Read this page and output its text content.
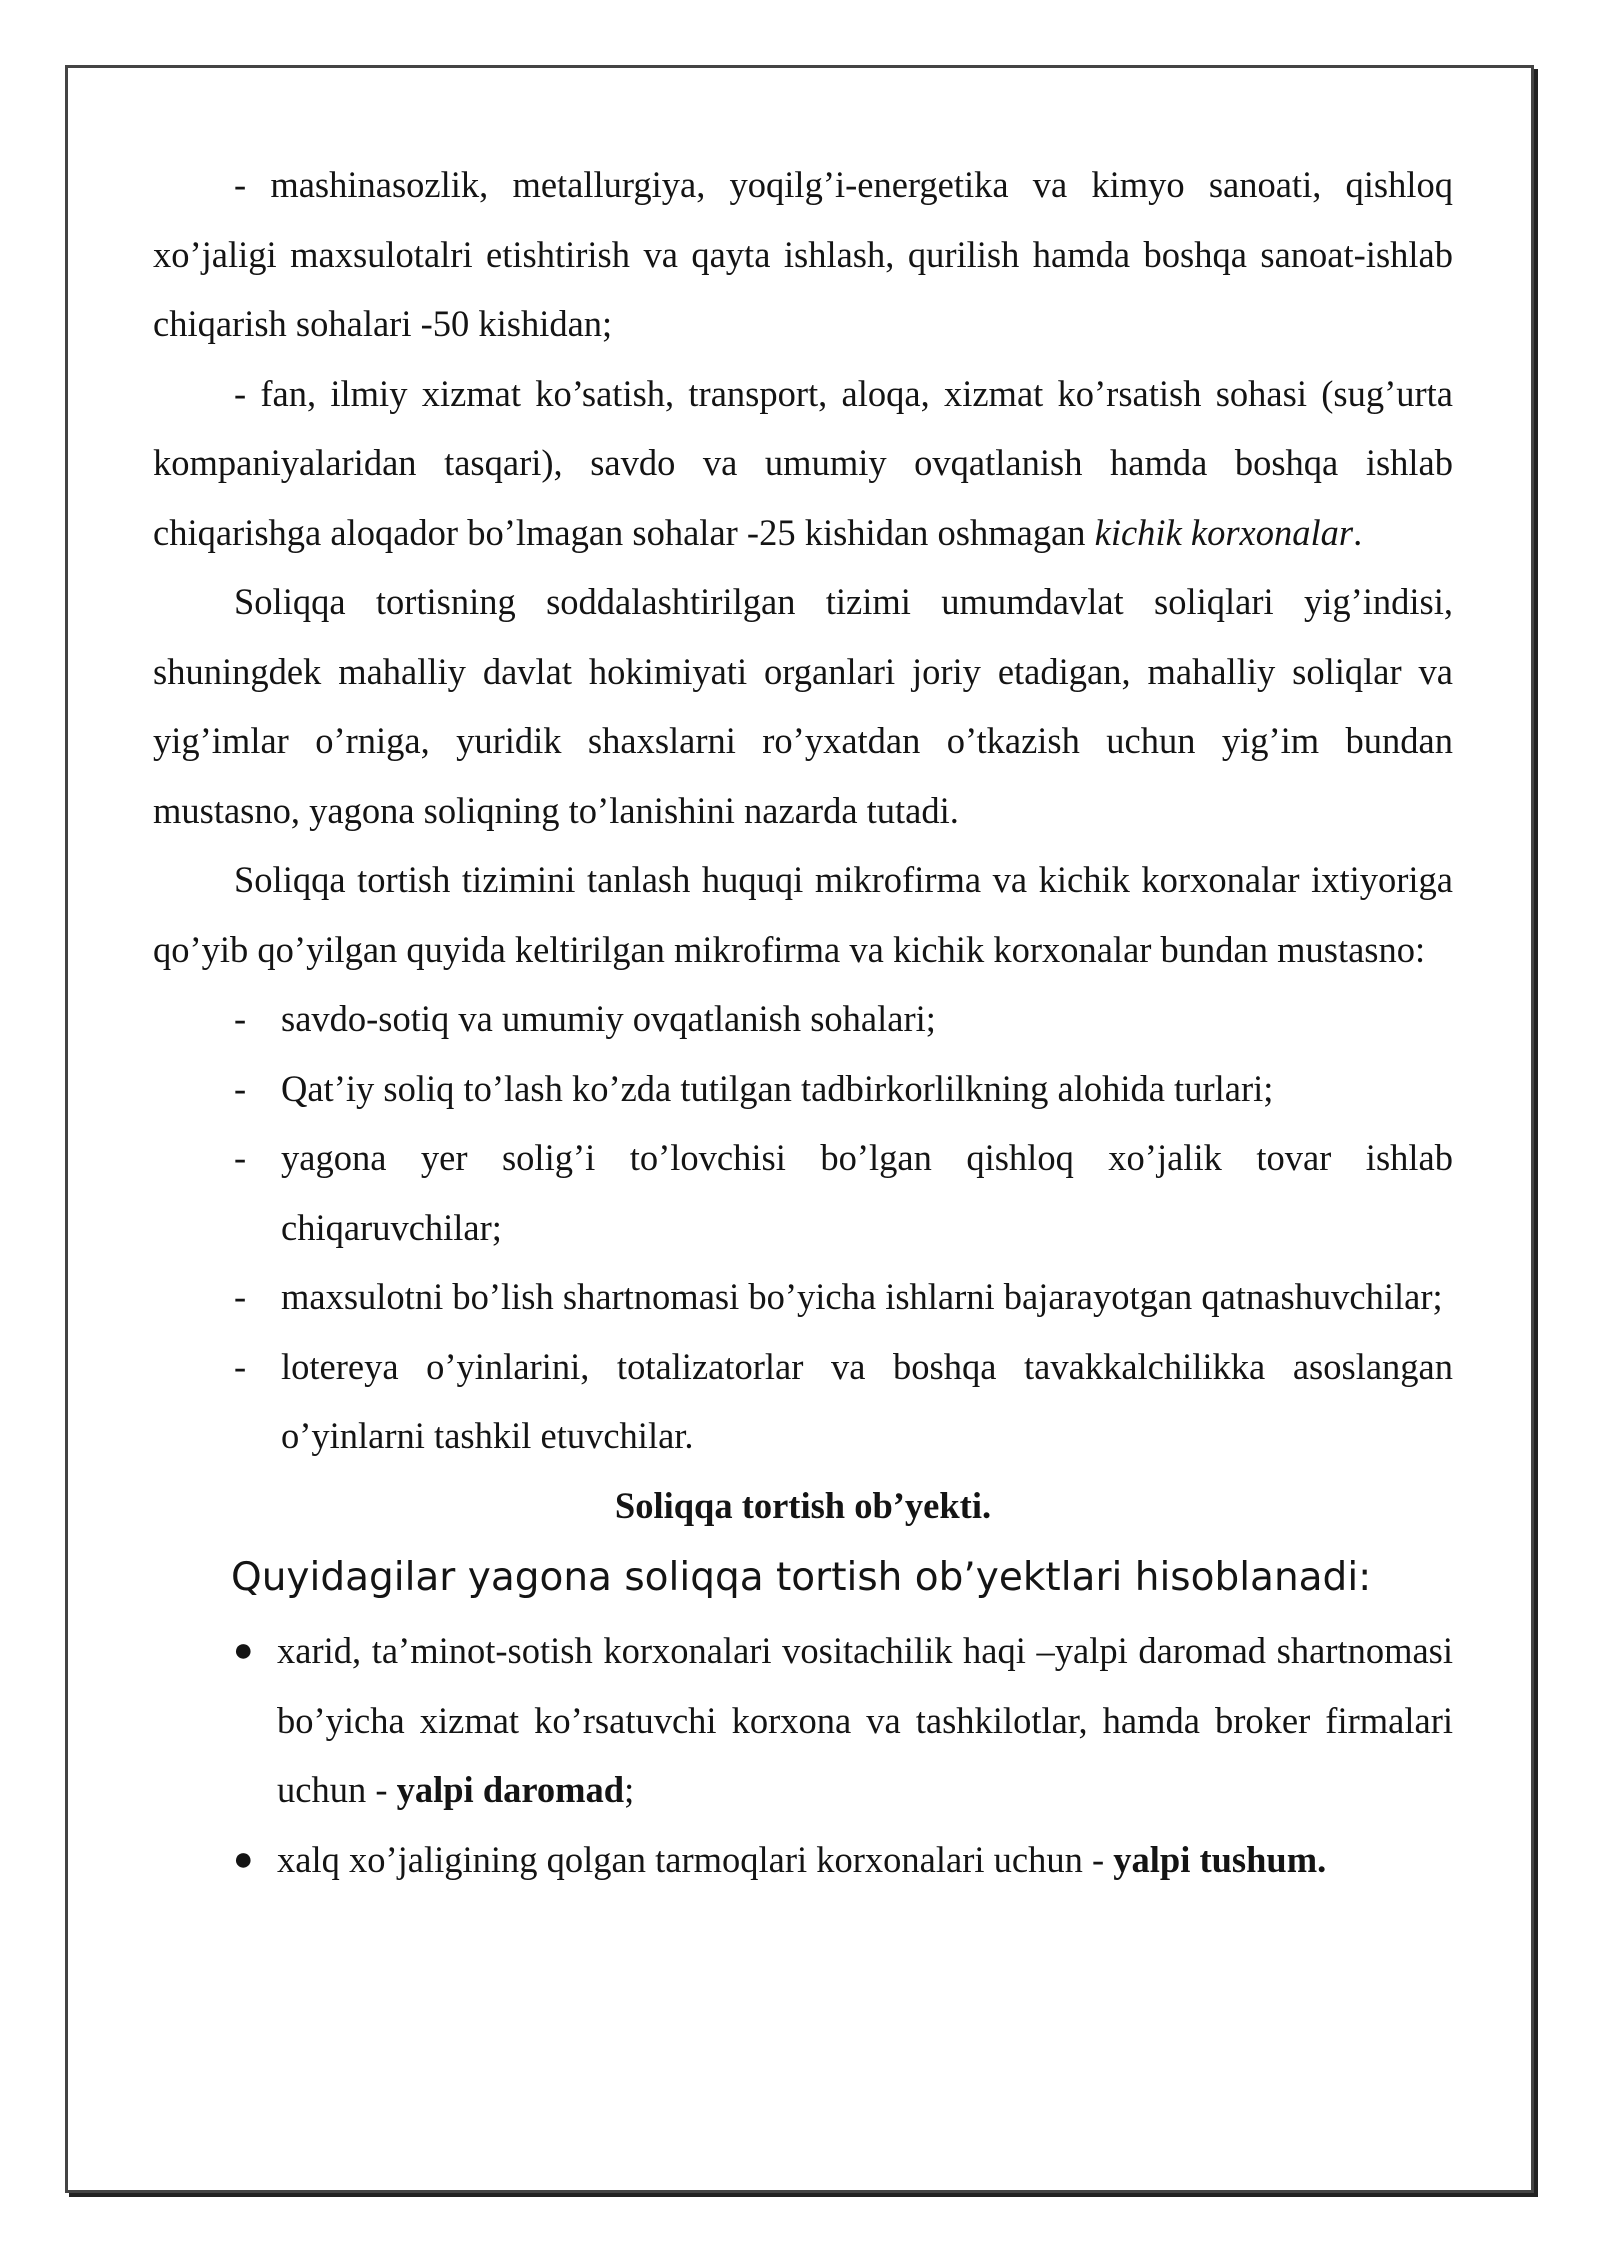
- mashinasozlik, metallurgiya, yoqilg’i-energetika va kimyo sanoati, qishloq xo’jaligi maxsulotalri etishtirish va qayta ishlash, qurilish hamda boshqa sanoat-ishlab chiqarish sohalari -50 kishidan;

- fan, ilmiy xizmat ko’satish, transport, aloqa, xizmat ko’rsatish sohasi (sug’urta kompaniyalaridan tasqari), savdo va umumiy ovqatlanish hamda boshqa ishlab chiqarishga aloqador bo’lmagan sohalar -25 kishidan oshmagan kichik korxonalar.

Soliqqa tortisning soddalashtirilgan tizimi umumdavlat soliqlari yig’indisi, shuningdek mahalliy davlat hokimiyati organlari joriy etadigan, mahalliy soliqlar va yig’imlar o’rniga, yuridik shaxslarni ro’yxatdan o’tkazish uchun yig’im bundan mustasno, yagona soliqning to’lanishini nazarda tutadi.

Soliqqa tortish tizimini tanlash huquqi mikrofirma va kichik korxonalar ixtiyoriga qo’yib qo’yilgan quyida keltirilgan mikrofirma va kichik korxonalar bundan mustasno:

- savdo-sotiq va umumiy ovqatlanish sohalari;
- Qat’iy soliq to’lash ko’zda tutilgan tadbirkorlilkning alohida turlari;
- yagona yer solig’i to’lovchisi bo’lgan qishloq xo’jalik tovar ishlab chiqaruvchilar;
- maxsulotni bo’lish shartnomasi bo’yicha ishlarni bajarayotgan qatnashuvchilar;
- lotereya o’yinlarini, totalizatorlar va boshqa tavakkalchilikka asoslangan o’yinlarni tashkil etuvchilar.

Soliqqa tortish ob’yekti.

Quyidagilar yagona soliqqa tortish ob’yektlari hisoblanadi:

● xarid, ta’minot-sotish korxonalari vositachilik haqi –yalpi daromad shartnomasi bo’yicha xizmat ko’rsatuvchi korxona va tashkilotlar, hamda broker firmalari uchun - yalpi daromad;
● xalq xo’jaligining qolgan tarmoqlari korxonalari uchun - yalpi tushum.
